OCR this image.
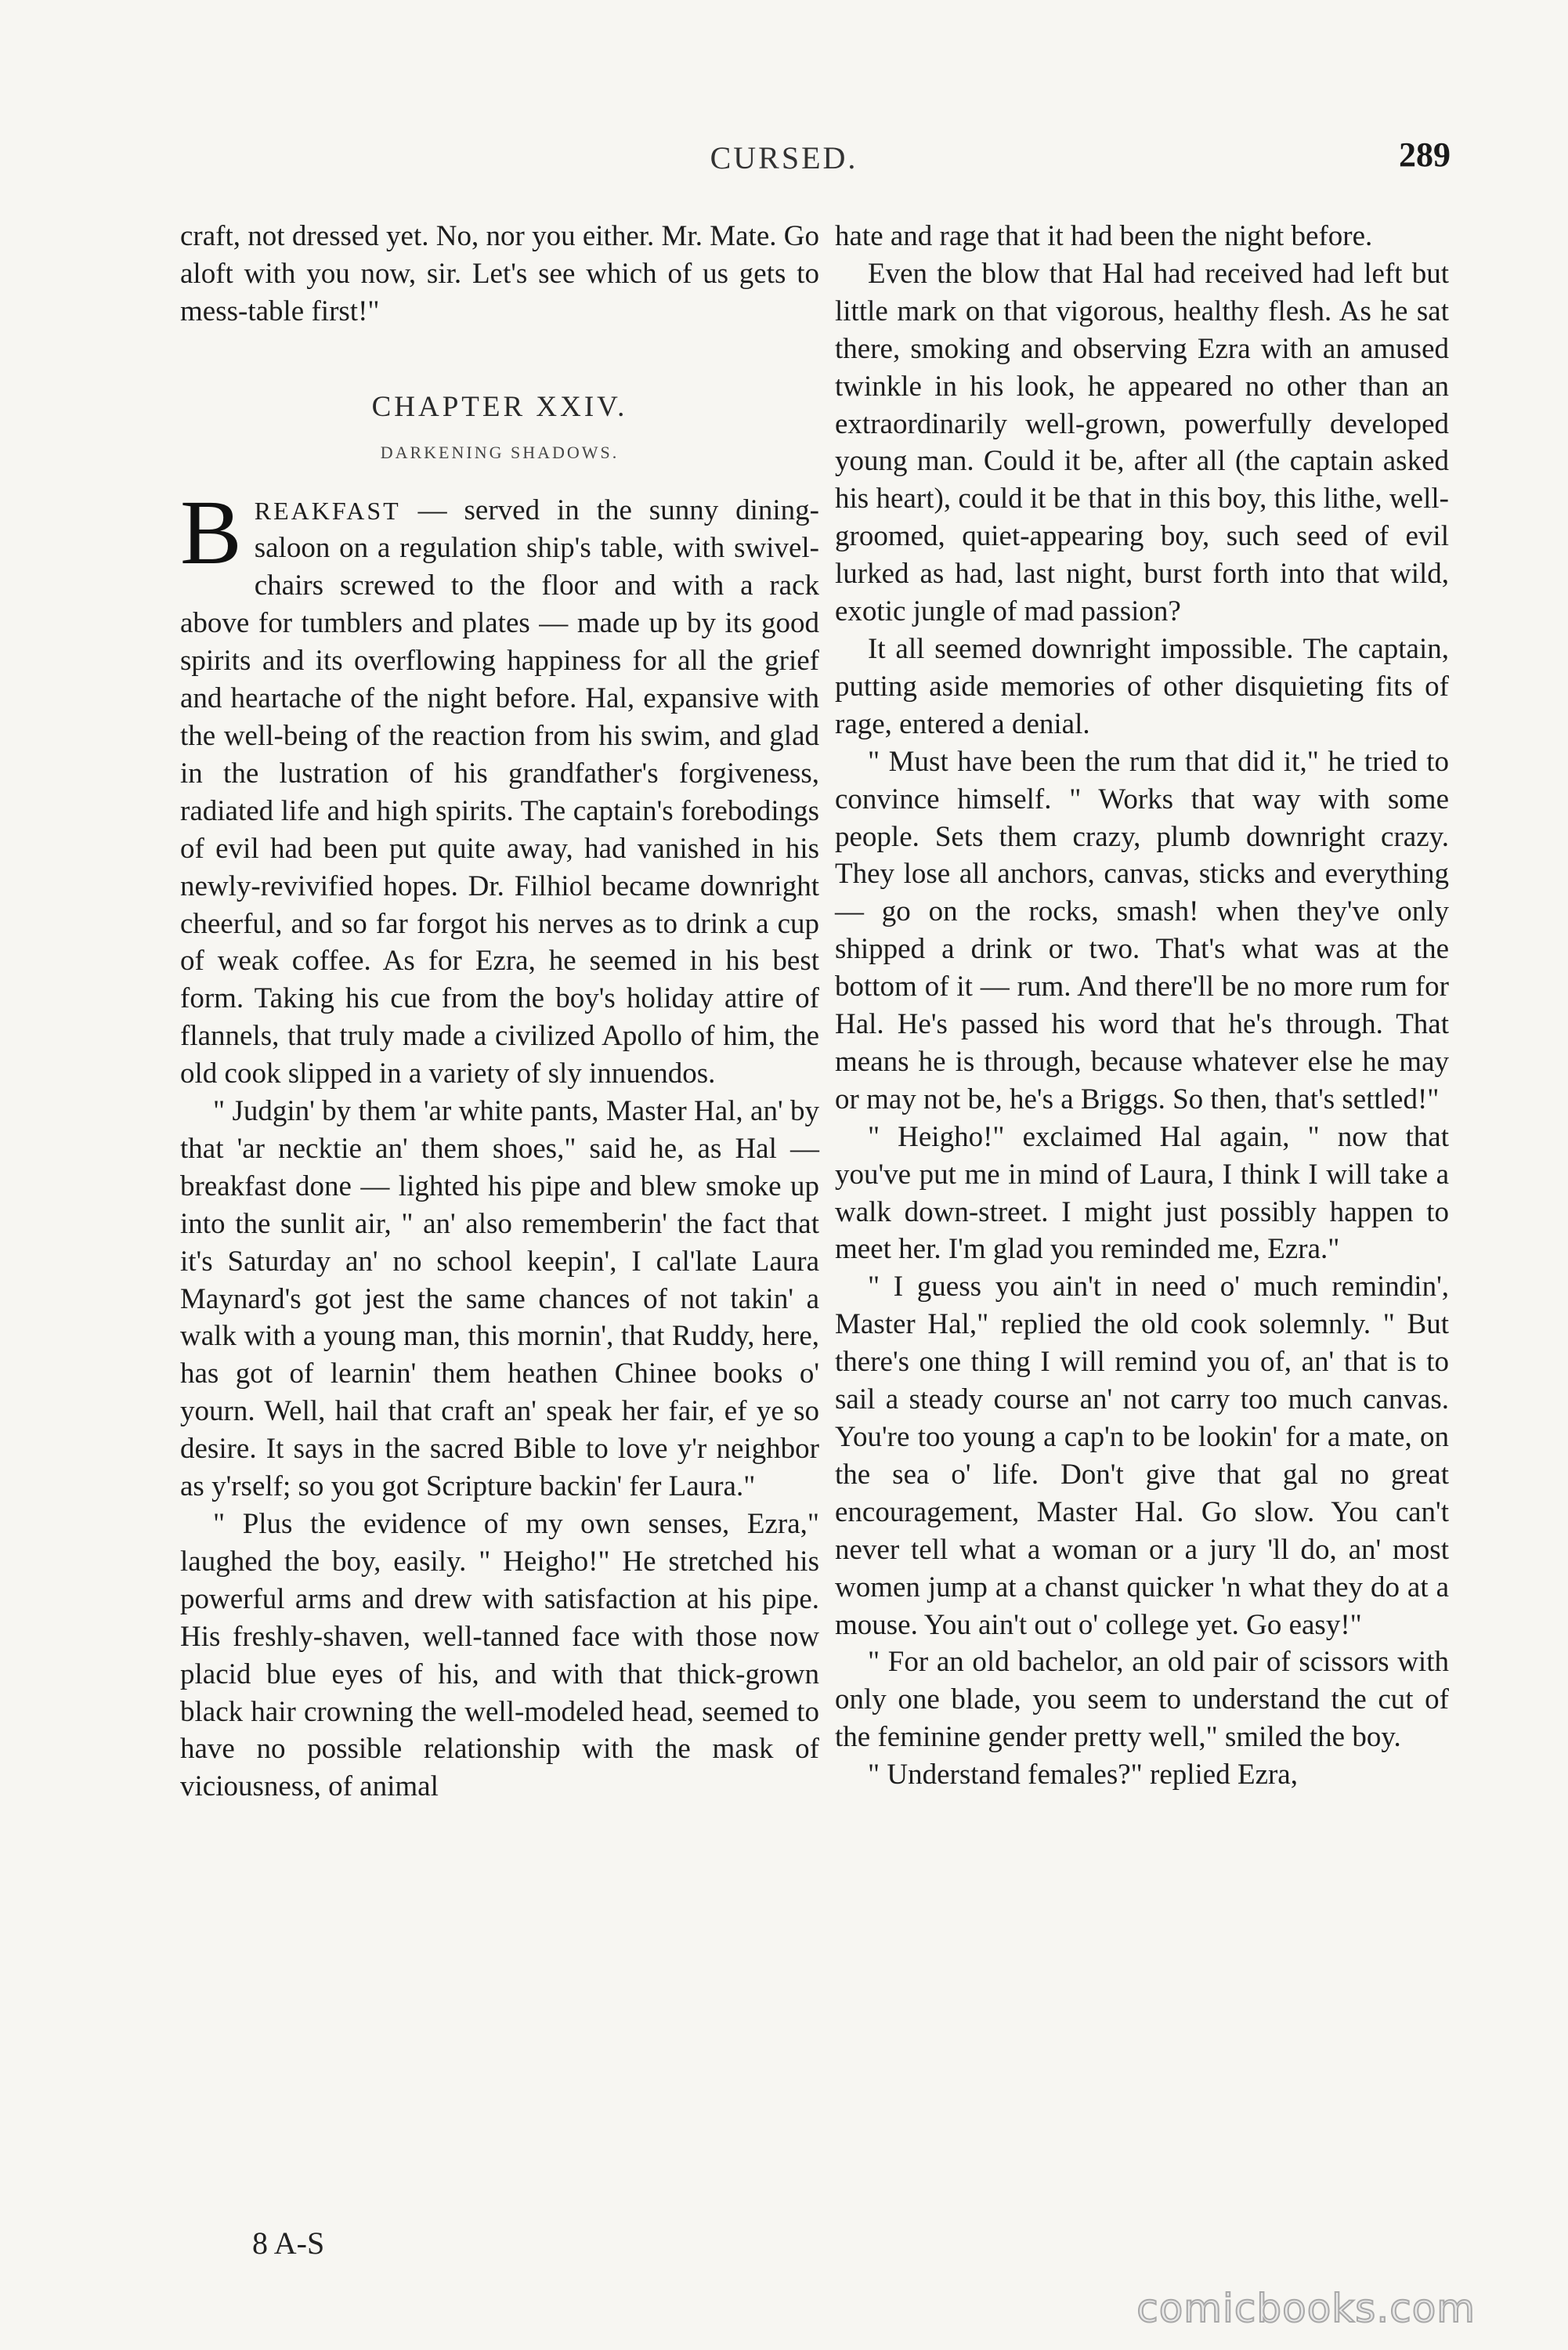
CURSED.	289

craft, not dressed yet. No, nor you either. Mr. Mate. Go aloft with you now, sir. Let's see which of us gets to mess-table first!"

CHAPTER XXIV.
DARKENING SHADOWS.

BREAKFAST — served in the sunny dining-saloon on a regulation ship's table, with swivel-chairs screwed to the floor and with a rack above for tumblers and plates — made up by its good spirits and its overflowing happiness for all the grief and heartache of the night before. Hal, expansive with the well-being of the reaction from his swim, and glad in the lustration of his grandfather's forgiveness, radiated life and high spirits. The captain's forebodings of evil had been put quite away, had vanished in his newly-revivified hopes. Dr. Filhiol became downright cheerful, and so far forgot his nerves as to drink a cup of weak coffee. As for Ezra, he seemed in his best form. Taking his cue from the boy's holiday attire of flannels, that truly made a civilized Apollo of him, the old cook slipped in a variety of sly innuendos.

" Judgin' by them 'ar white pants, Master Hal, an' by that 'ar necktie an' them shoes," said he, as Hal — breakfast done — lighted his pipe and blew smoke up into the sunlit air, " an' also rememberin' the fact that it's Saturday an' no school keepin', I cal'late Laura Maynard's got jest the same chances of not takin' a walk with a young man, this mornin', that Ruddy, here, has got of learnin' them heathen Chinee books o' yourn. Well, hail that craft an' speak her fair, ef ye so desire. It says in the sacred Bible to love y'r neighbor as y'rself; so you got Scripture backin' fer Laura."

" Plus the evidence of my own senses, Ezra," laughed the boy, easily. " Heigho!" He stretched his powerful arms and drew with satisfaction at his pipe. His freshly-shaven, well-tanned face with those now placid blue eyes of his, and with that thick-grown black hair crowning the well-modeled head, seemed to have no possible relationship with the mask of viciousness, of animal

hate and rage that it had been the night before.

Even the blow that Hal had received had left but little mark on that vigorous, healthy flesh. As he sat there, smoking and observing Ezra with an amused twinkle in his look, he appeared no other than an extraordinarily well-grown, powerfully developed young man. Could it be, after all (the captain asked his heart), could it be that in this boy, this lithe, well-groomed, quiet-appearing boy, such seed of evil lurked as had, last night, burst forth into that wild, exotic jungle of mad passion?

It all seemed downright impossible. The captain, putting aside memories of other disquieting fits of rage, entered a denial.

" Must have been the rum that did it," he tried to convince himself. " Works that way with some people. Sets them crazy, plumb downright crazy. They lose all anchors, canvas, sticks and everything — go on the rocks, smash! when they've only shipped a drink or two. That's what was at the bottom of it — rum. And there'll be no more rum for Hal. He's passed his word that he's through. That means he is through, because whatever else he may or may not be, he's a Briggs. So then, that's settled!"

" Heigho!" exclaimed Hal again, " now that you've put me in mind of Laura, I think I will take a walk down-street. I might just possibly happen to meet her. I'm glad you reminded me, Ezra."

" I guess you ain't in need o' much remindin', Master Hal," replied the old cook solemnly. " But there's one thing I will remind you of, an' that is to sail a steady course an' not carry too much canvas. You're too young a cap'n to be lookin' for a mate, on the sea o' life. Don't give that gal no great encouragement, Master Hal. Go slow. You can't never tell what a woman or a jury 'll do, an' most women jump at a chanst quicker 'n what they do at a mouse. You ain't out o' college yet. Go easy!"

" For an old bachelor, an old pair of scissors with only one blade, you seem to understand the cut of the feminine gender pretty well," smiled the boy.

" Understand females?" replied Ezra,

8 A-S
comicbooks.com
